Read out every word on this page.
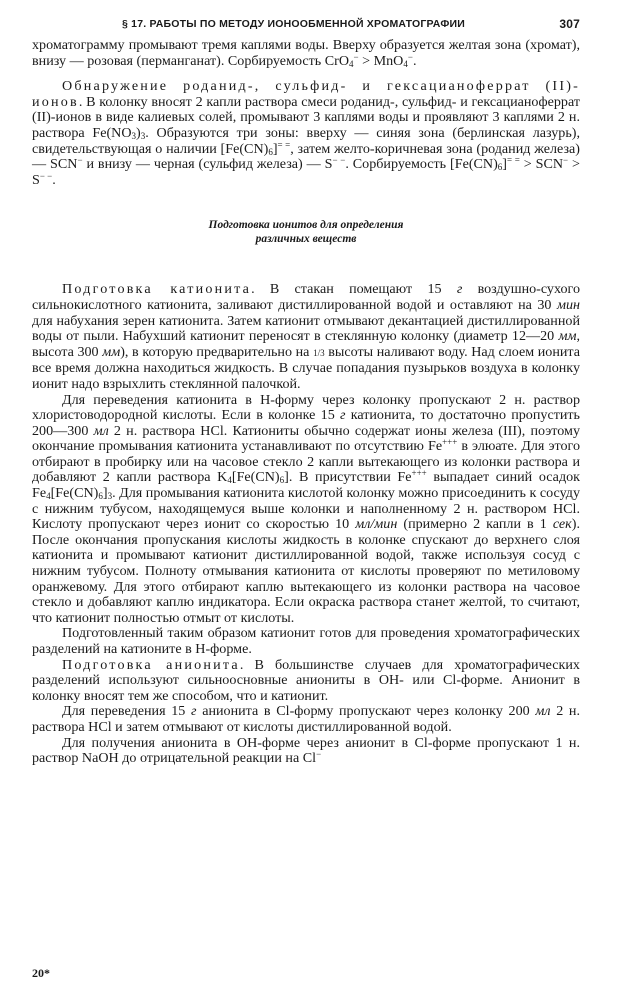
§ 17. РАБОТЫ ПО МЕТОДУ ИОНООБМЕННОЙ ХРОМАТОГРАФИИ	307

хроматограмму промывают тремя каплями воды. Вверху образуется желтая зона (хромат), внизу — розовая (перманганат). Сорбируемость CrO$_4$− > MnO$_4$−.

Обнаружение роданид-, сульфид- и гексацианоферрат (II)-ионов. В колонку вносят 2 капли раствора смеси роданид-, сульфид- и гексацианоферрат (II)-ионов в виде калиевых солей, промывают 3 каплями воды и проявляют 3 каплями 2 н. раствора $Fe(NO_3)_3$. Образуются три зоны: вверху — синяя зона (берлинская лазурь), свидетельствующая о наличии $[Fe(CN)_6]^{= =}$, затем желто-коричневая зона (роданид железа) — SCN− и внизу — черная (сульфид железа) — S− −. Сорбируемость $[Fe(CN)_6]^{= =} > SCN^- > S^{- -}$.

Подготовка ионитов для определения
различных веществ

Подготовка катионита. В стакан помещают 15 г воздушно-сухого сильнокислотного катионита, заливают дистиллированной водой и оставляют на 30 мин для набухания зерен катионита. Затем катионит отмывают декантацией дистиллированной воды от пыли. Набухший катионит переносят в стеклянную колонку (диаметр 12—20 мм, высота 300 мм), в которую предварительно на 1/3 высоты наливают воду. Над слоем ионита все время должна находиться жидкость. В случае попадания пузырьков воздуха в колонку ионит надо взрыхлить стеклянной палочкой.

Для переведения катионита в Н-форму через колонку пропускают 2 н. раствор хлористоводородной кислоты. Если в колонке 15 г катионита, то достаточно пропустить 200—300 мл 2 н. раствора HCl. Катиониты обычно содержат ионы железа (III), поэтому окончание промывания катионита устанавливают по отсутствию Fe+++ в элюате. Для этого отбирают в пробирку или на часовое стекло 2 капли вытекающего из колонки раствора и добавляют 2 капли раствора $K_4[Fe(CN)_6]$. В присутствии Fe+++ выпадает синий осадок $Fe_4[Fe(CN)_6]_3$. Для промывания катионита кислотой колонку можно присоединить к сосуду с нижним тубусом, находящемуся выше колонки и наполненному 2 н. раствором HCl. Кислоту пропускают через ионит со скоростью 10 мл/мин (примерно 2 капли в 1 сек). После окончания пропускания кислоты жидкость в колонке спускают до верхнего слоя катионита и промывают катионит дистиллированной водой, также используя сосуд с нижним тубусом. Полноту отмывания катионита от кислоты проверяют по метиловому оранжевому. Для этого отбирают каплю вытекающего из колонки раствора на часовое стекло и добавляют каплю индикатора. Если окраска раствора станет желтой, то считают, что катионит полностью отмыт от кислоты.

Подготовленный таким образом катионит готов для проведения хроматографических разделений на катионите в Н-форме.

Подготовка анионита. В большинстве случаев для хроматографических разделений используют сильноосновные аниониты в ОН- или Cl-форме. Анионит в колонку вносят тем же способом, что и катионит.

Для переведения 15 г анионита в Cl-форму пропускают через колонку 200 мл 2 н. раствора HCl и затем отмывают от кислоты дистиллированной водой.

Для получения анионита в ОН-форме через анионит в Cl-форме пропускают 1 н. раствор NaOH до отрицательной реакции на Cl−

20*
